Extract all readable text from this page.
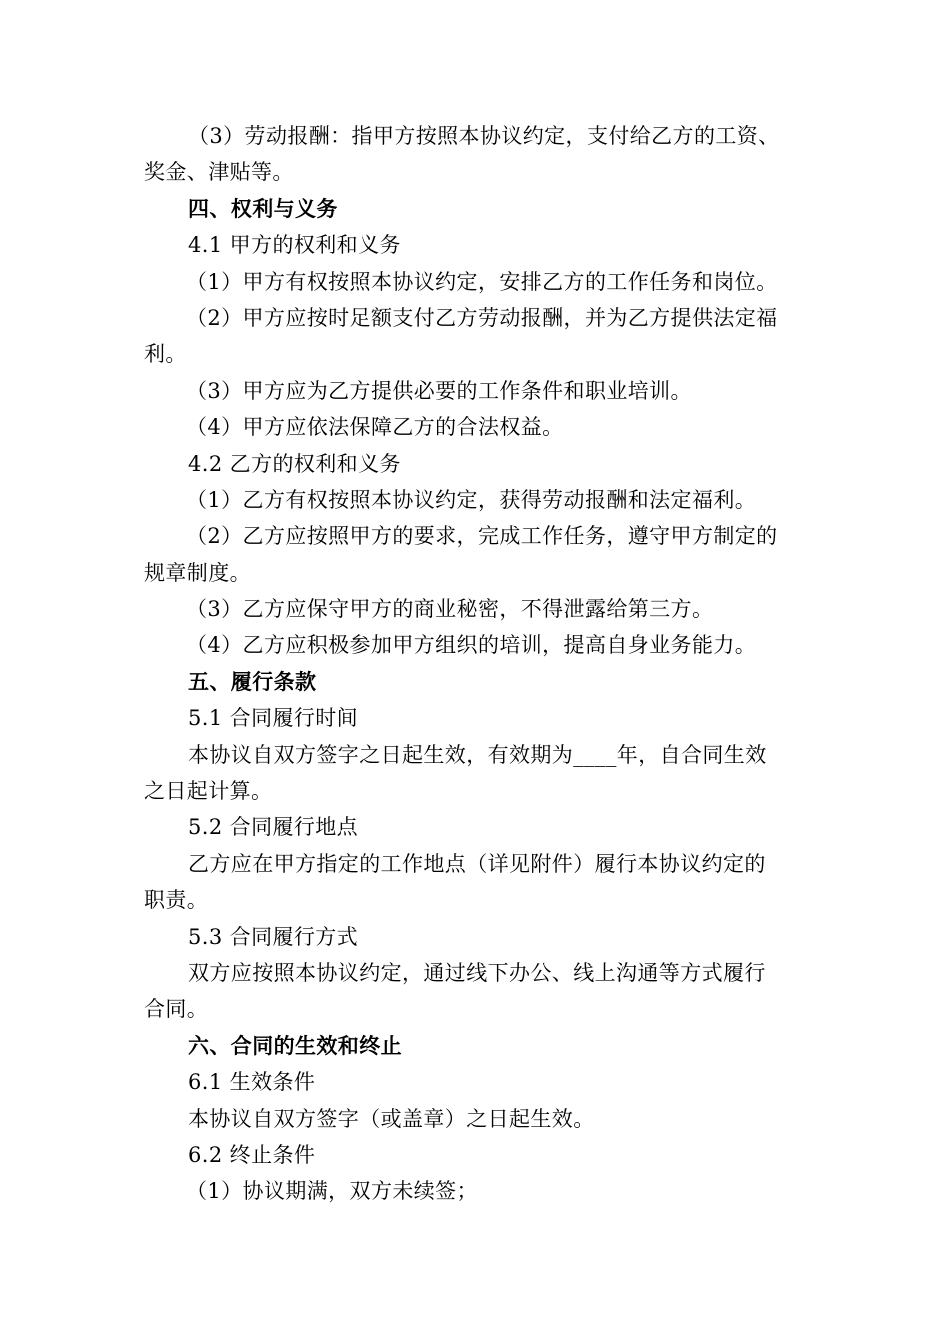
（3）劳动报酬：指甲方按照本协议约定，支付给乙方的工资、
奖金、津贴等。
四、权利与义务
4.1 甲方的权利和义务
（1）甲方有权按照本协议约定，安排乙方的工作任务和岗位。
（2）甲方应按时足额支付乙方劳动报酬，并为乙方提供法定福
利。
（3）甲方应为乙方提供必要的工作条件和职业培训。
（4）甲方应依法保障乙方的合法权益。
4.2 乙方的权利和义务
（1）乙方有权按照本协议约定，获得劳动报酬和法定福利。
（2）乙方应按照甲方的要求，完成工作任务，遵守甲方制定的
规章制度。
（3）乙方应保守甲方的商业秘密，不得泄露给第三方。
（4）乙方应积极参加甲方组织的培训，提高自身业务能力。
五、履行条款
5.1 合同履行时间
本协议自双方签字之日起生效，有效期为____年，自合同生效
之日起计算。
5.2 合同履行地点
乙方应在甲方指定的工作地点（详见附件）履行本协议约定的
职责。
5.3 合同履行方式
双方应按照本协议约定，通过线下办公、线上沟通等方式履行
合同。
六、合同的生效和终止
6.1 生效条件
本协议自双方签字（或盖章）之日起生效。
6.2 终止条件
（1）协议期满，双方未续签；
